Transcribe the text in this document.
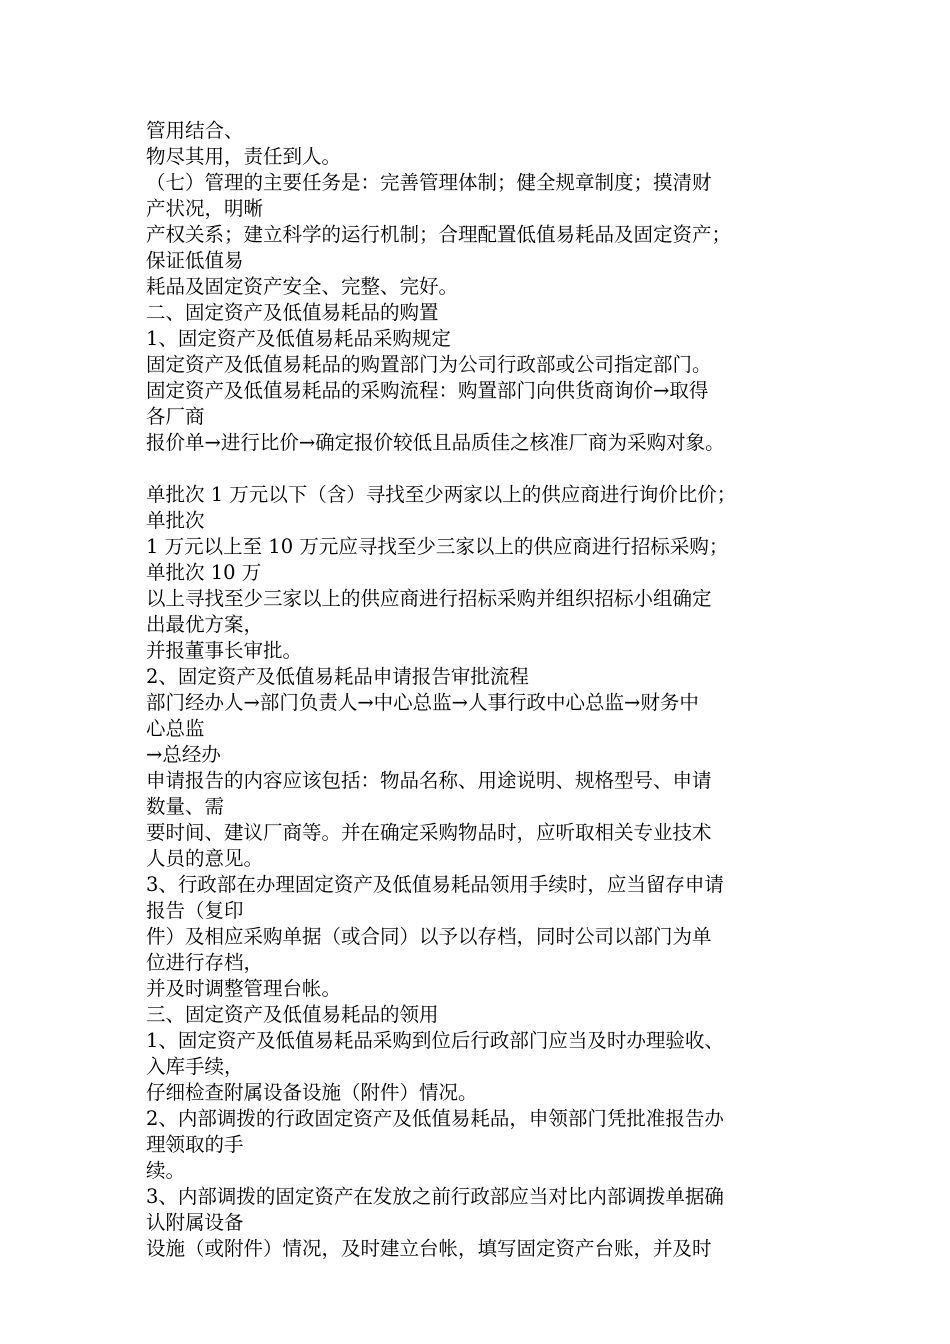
管用结合、
物尽其用，责任到人。
（七）管理的主要任务是：完善管理体制；健全规章制度；摸清财
产状况，明晰
产权关系；建立科学的运行机制；合理配置低值易耗品及固定资产；
保证低值易
耗品及固定资产安全、完整、完好。
二、固定资产及低值易耗品的购置
1、固定资产及低值易耗品采购规定
固定资产及低值易耗品的购置部门为公司行政部或公司指定部门。
固定资产及低值易耗品的采购流程：购置部门向供货商询价→取得
各厂商
报价单→进行比价→确定报价较低且品质佳之核准厂商为采购对象。
单批次 1 万元以下（含）寻找至少两家以上的供应商进行询价比价；
单批次
1 万元以上至 10 万元应寻找至少三家以上的供应商进行招标采购；
单批次 10 万
以上寻找至少三家以上的供应商进行招标采购并组织招标小组确定
出最优方案，
并报董事长审批。
2、固定资产及低值易耗品申请报告审批流程
部门经办人→部门负责人→中心总监→人事行政中心总监→财务中
心总监
→总经办
申请报告的内容应该包括：物品名称、用途说明、规格型号、申请
数量、需
要时间、建议厂商等。并在确定采购物品时，应听取相关专业技术
人员的意见。
3、行政部在办理固定资产及低值易耗品领用手续时，应当留存申请
报告（复印
件）及相应采购单据（或合同）以予以存档，同时公司以部门为单
位进行存档，
并及时调整管理台帐。
三、固定资产及低值易耗品的领用
1、固定资产及低值易耗品采购到位后行政部门应当及时办理验收、
入库手续，
仔细检查附属设备设施（附件）情况。
2、内部调拨的行政固定资产及低值易耗品，申领部门凭批准报告办
理领取的手
续。
3、内部调拨的固定资产在发放之前行政部应当对比内部调拨单据确
认附属设备
设施（或附件）情况，及时建立台帐，填写固定资产台账，并及时
